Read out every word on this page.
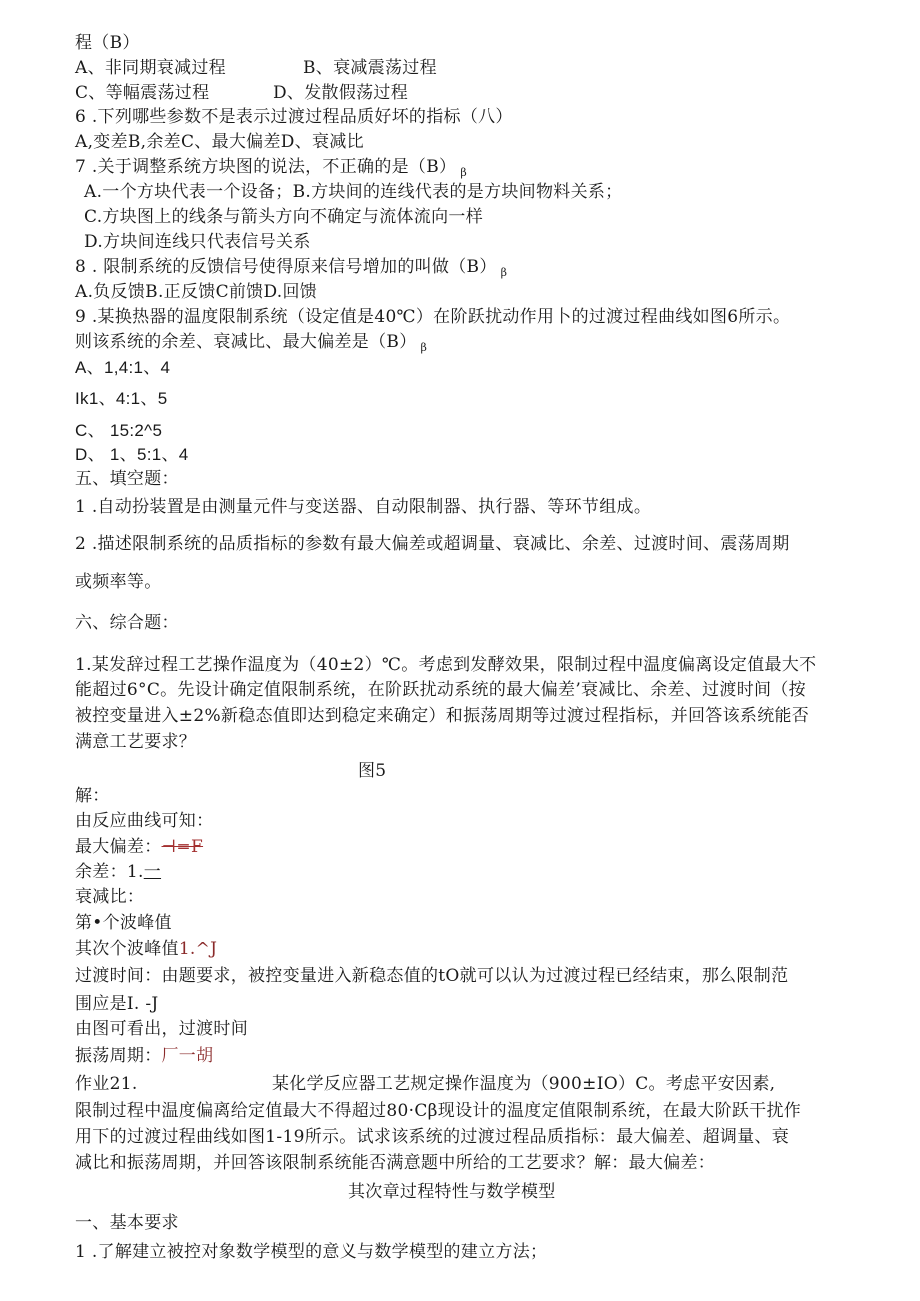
程（B）
A、非同期衰减过程	B、衰减震荡过程
C、等幅震荡过程	D、发散假荡过程
6 .下列哪些参数不是表示过渡过程品质好坏的指标（八）
A,变差B,余差C、最大偏差D、衰减比
7 .关于调整系统方块图的说法，不正确的是（B） $_\beta$
A.一个方块代表一个设备；B.方块间的连线代表的是方块间物料关系；
C.方块图上的线条与箭头方向不确定与流体流向一样
D.方块间连线只代表信号关系
8 . 限制系统的反馈信号使得原来信号增加的叫做（B） $_\beta$
A.负反馈B.正反馈C前馈D.回馈
9 .某换热器的温度限制系统（设定值是40℃）在阶跃扰动作用卜的过渡过程曲线如图6所示。
则该系统的余差、衰减比、最大偏差是（B） $_\beta$
A、1,4:1、4
Ik1、4:1、5
C、 15:2^5
D、 1、5:1、4
五、填空题：
1 .自动扮装置是由测量元件与变送器、自动限制器、执行器、等环节组成。
2 .描述限制系统的品质指标的参数有最大偏差或超调量、衰减比、余差、过渡时间、震荡周期
或频率等。
六、综合题：
1.某发辞过程工艺操作温度为（40±2）℃。考虑到发酵效果，限制过程中温度偏离设定值最大不
能超过6°C。先设计确定值限制系统，在阶跃扰动系统的最大偏差’衰减比、余差、过渡时间（按
被控变量进入±2%新稳态值即达到稳定来确定）和振荡周期等过渡过程指标，并回答该系统能否
满意工艺要求？
图5
解：
由反应曲线可知：
最大偏差：⊣=F
余差：1.一
衰减比：
第•个波峰值
其次个波峰值1.^J
过渡时间：由题要求，被控变量进入新稳态值的tO就可以认为过渡过程已经结束，那么限制范
围应是I. -J
由图可看出，过渡时间
振荡周期：厂一胡
作业21.	某化学反应器工艺规定操作温度为（900±IO）C。考虑平安因素,
限制过程中温度偏离给定值最大不得超过80·Cβ现设计的温度定值限制系统，在最大阶跃干扰作
用下的过渡过程曲线如图1-19所示。试求该系统的过渡过程品质指标：最大偏差、超调量、衰
减比和振荡周期，并回答该限制系统能否满意题中所给的工艺要求？解：最大偏差：
其次章过程特性与数学模型
一、基本要求
1 .了解建立被控对象数学模型的意义与数学模型的建立方法；
